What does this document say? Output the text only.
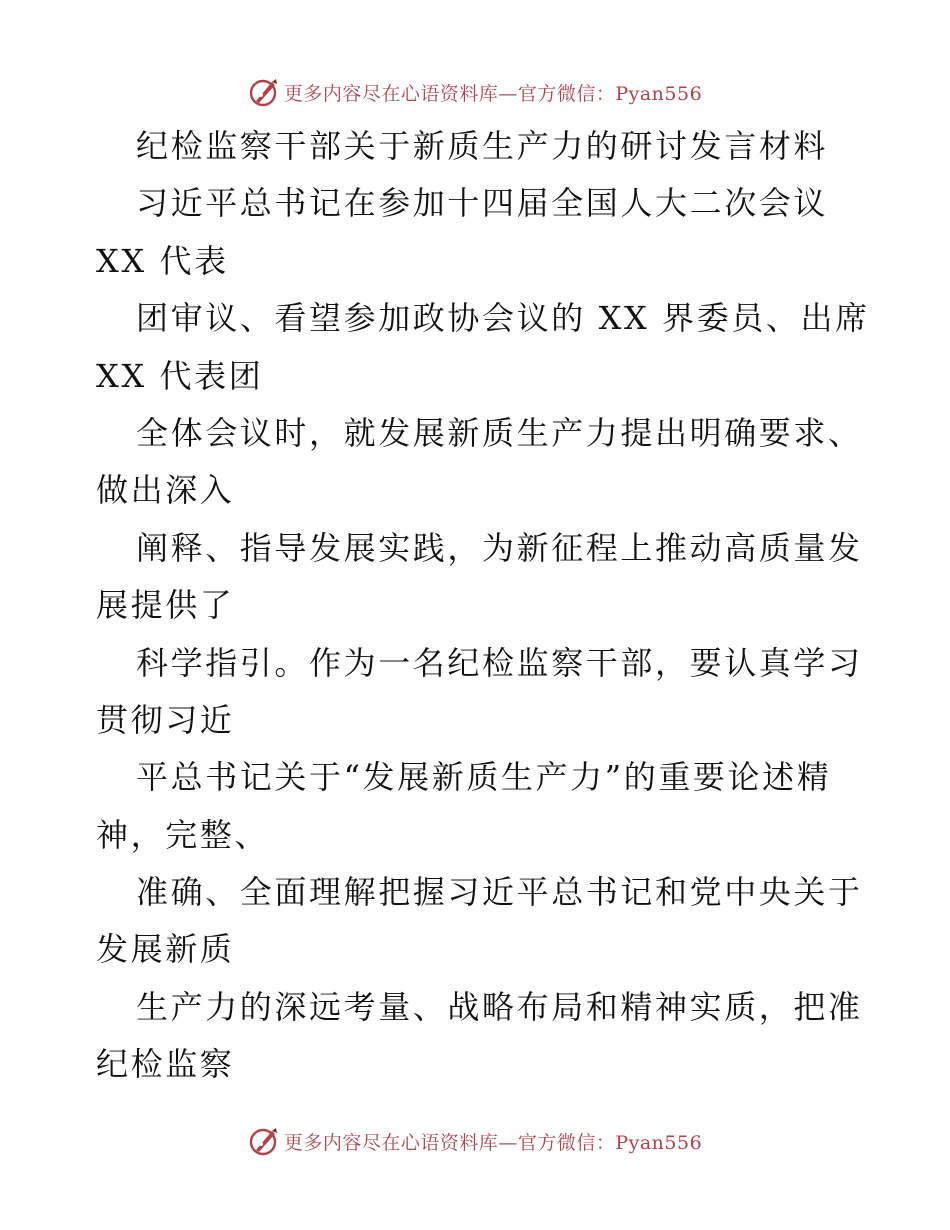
更多内容尽在心语资料库—官方微信：Pyan556
纪检监察干部关于新质生产力的研讨发言材料
习近平总书记在参加十四届全国人大二次会议
XX 代表
团审议、看望参加政协会议的 XX 界委员、出席
XX 代表团
全体会议时，就发展新质生产力提出明确要求、
做出深入
阐释、指导发展实践，为新征程上推动高质量发
展提供了
科学指引。作为一名纪检监察干部，要认真学习
贯彻习近
平总书记关于“发展新质生产力”的重要论述精
神，完整、
准确、全面理解把握习近平总书记和党中央关于
发展新质
生产力的深远考量、战略布局和精神实质，把准
纪检监察
更多内容尽在心语资料库—官方微信：Pyan556
